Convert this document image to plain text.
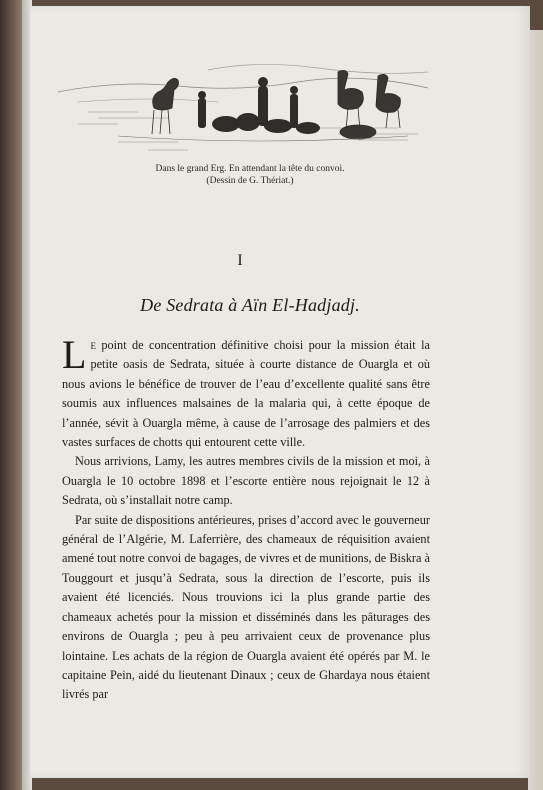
Dans le grand Erg. En attendant la tête du convoi.
(Dessin de G. Thériat.)
I
De Sedrata à Aïn El-Hadjadj.

Le point de concentration définitive choisi pour la mission était la petite oasis de Sedrata, située à courte distance de Ouargla et où nous avions le bénéfice de trouver de l’eau d’excellente qualité sans être soumis aux influences malsaines de la malaria qui, à cette époque de l’année, sévit à Ouargla même, à cause de l’arrosage des palmiers et des vastes surfaces de chotts qui entourent cette ville.

Nous arrivions, Lamy, les autres membres civils de la mission et moi, à Ouargla le 10 octobre 1898 et l’escorte entière nous rejoignait le 12 à Sedrata, où s’installait notre camp.

Par suite de dispositions antérieures, prises d’accord avec le gouverneur général de l’Algérie, M. Laferrière, des chameaux de réquisition avaient amené tout notre convoi de bagages, de vivres et de munitions, de Biskra à Touggourt et jusqu’à Sedrata, sous la direction de l’escorte, puis ils avaient été licenciés. Nous trouvions ici la plus grande partie des chameaux achetés pour la mission et disséminés dans les pâturages des environs de Ouargla ; peu à peu arrivaient ceux de provenance plus lointaine. Les achats de la région de Ouargla avaient été opérés par M. le capitaine Pein, aidé du lieutenant Dinaux ; ceux de Ghardaya nous étaient livrés par
